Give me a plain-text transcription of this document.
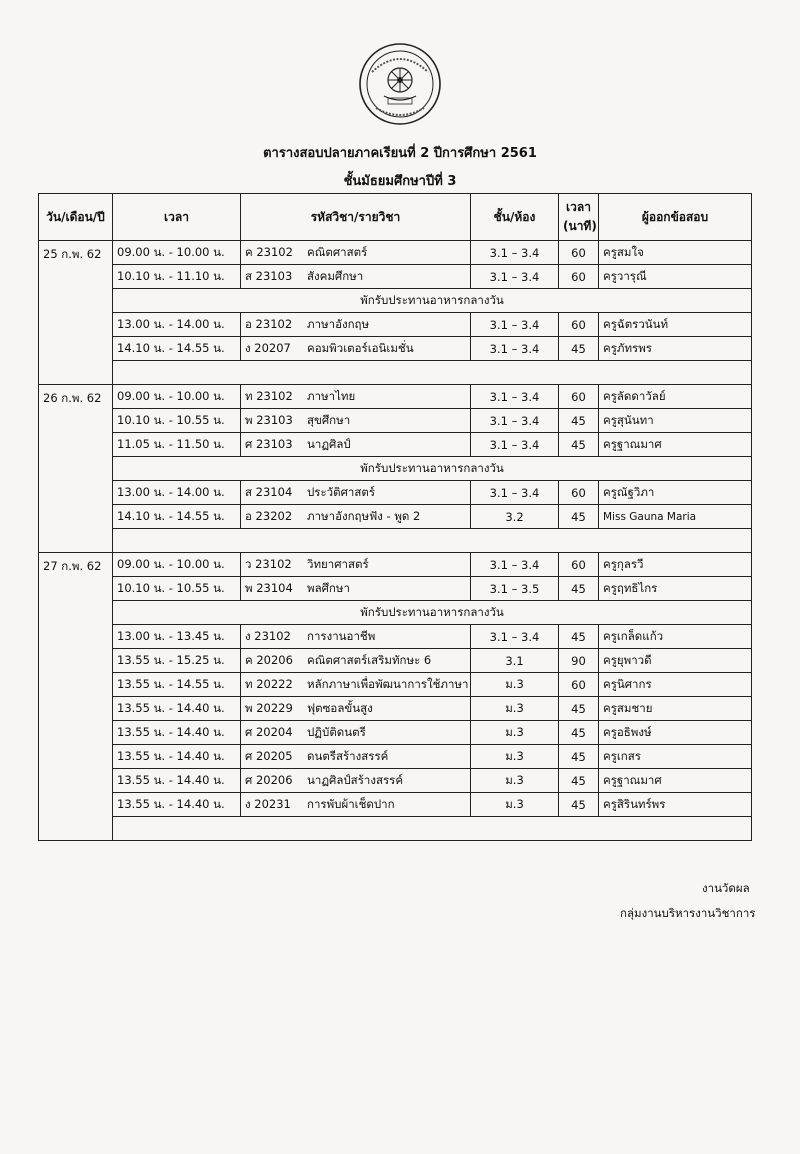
ตารางสอบปลายภาคเรียนที่ 2 ปีการศึกษา 2561
ชั้นมัธยมศึกษาปีที่ 3
วัน/เดือน/ปี	เวลา	รหัสวิชา/รายวิชา	ชั้น/ห้อง	เวลา
(นาที)	ผู้ออกข้อสอบ
25 ก.พ. 62	09.00 น. - 10.00 น.	ค 23102 คณิตศาสตร์	3.1 – 3.4	60	ครูสมใจ
	10.10 น. - 11.10 น.	ส 23103 สังคมศึกษา	3.1 – 3.4	60	ครูวารุณี
	พักรับประทานอาหารกลางวัน				
	13.00 น. - 14.00 น.	อ 23102 ภาษาอังกฤษ	3.1 – 3.4	60	ครูฉัตรวนันท์
	14.10 น. - 14.55 น.	ง 20207 คอมพิวเตอร์เอนิเมชั่น	3.1 – 3.4	45	ครูภัทรพร

26 ก.พ. 62	09.00 น. - 10.00 น.	ท 23102 ภาษาไทย	3.1 – 3.4	60	ครูลัดดาวัลย์
	10.10 น. - 10.55 น.	พ 23103 สุขศึกษา	3.1 – 3.4	45	ครูสุนันทา
	11.05 น. - 11.50 น.	ศ 23103 นาฏศิลป์	3.1 – 3.4	45	ครูฐาณมาศ
	พักรับประทานอาหารกลางวัน				
	13.00 น. - 14.00 น.	ส 23104 ประวัติศาสตร์	3.1 – 3.4	60	ครูณัฐวิภา
	14.10 น. - 14.55 น.	อ 23202 ภาษาอังกฤษฟัง - พูด 2	3.2	45	Miss Gauna Maria

27 ก.พ. 62	09.00 น. - 10.00 น.	ว 23102 วิทยาศาสตร์	3.1 – 3.4	60	ครูกุลรวี
	10.10 น. - 10.55 น.	พ 23104 พลศึกษา	3.1 – 3.5	45	ครูฤทธิไกร
	พักรับประทานอาหารกลางวัน				
	13.00 น. - 13.45 น.	ง 23102 การงานอาชีพ	3.1 – 3.4	45	ครูเกล็ดแก้ว
	13.55 น. - 15.25 น.	ค 20206 คณิตศาสตร์เสริมทักษะ 6	3.1	90	ครูยุพาวดี
	13.55 น. - 14.55 น.	ท 20222 หลักภาษาเพื่อพัฒนาการใช้ภาษา	ม.3	60	ครูนิศากร
	13.55 น. - 14.40 น.	พ 20229 ฟุตซอลขั้นสูง	ม.3	45	ครูสมชาย
	13.55 น. - 14.40 น.	ศ 20204 ปฏิบัติดนตรี	ม.3	45	ครูอธิพงษ์
	13.55 น. - 14.40 น.	ศ 20205 ดนตรีสร้างสรรค์	ม.3	45	ครูเกสร
	13.55 น. - 14.40 น.	ศ 20206 นาฏศิลป์สร้างสรรค์	ม.3	45	ครูฐาณมาศ
	13.55 น. - 14.40 น.	ง 20231 การพับผ้าเช็ดปาก	ม.3	45	ครูสิรินทร์พร

งานวัดผล
กลุ่มงานบริหารงานวิชาการ
